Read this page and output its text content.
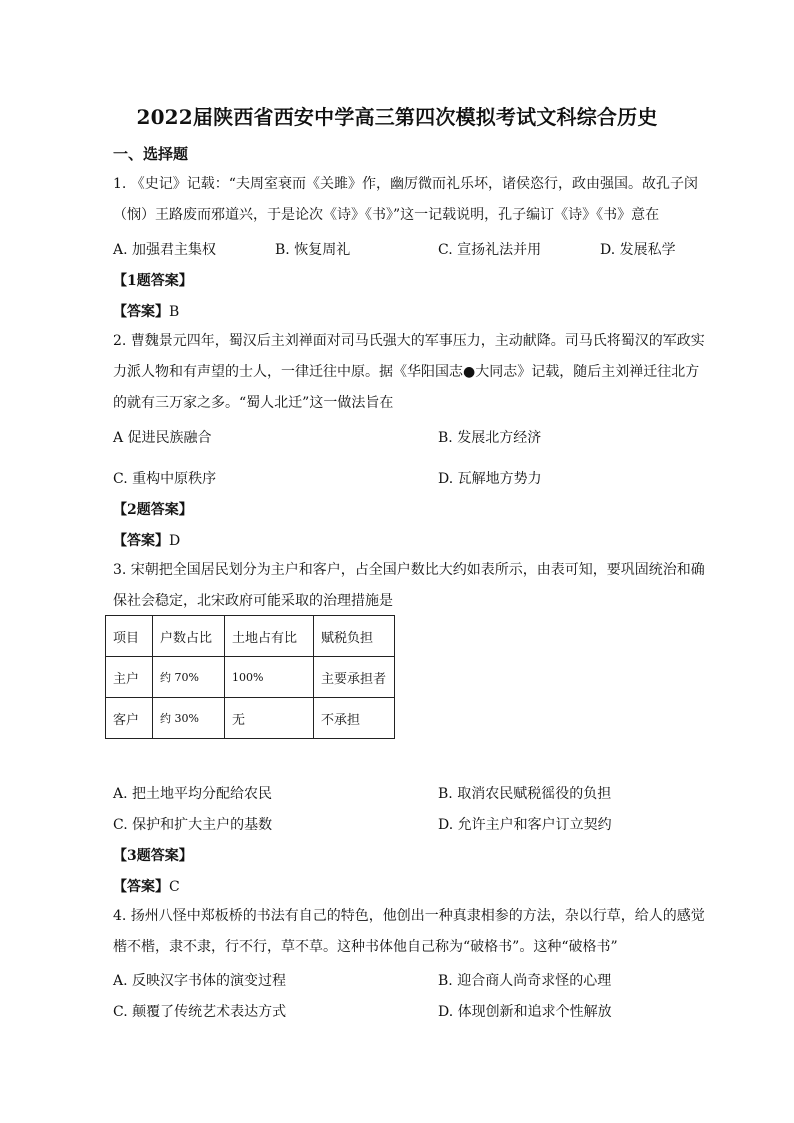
2022届陕西省西安中学高三第四次模拟考试文科综合历史
一、选择题
1. 《史记》记载：“夫周室衰而《关雎》作，幽厉微而礼乐坏，诸侯恣行，政由强国。故孔子闵
（悯）王路废而邪道兴，于是论次《诗》《书》”这一记载说明，孔子编订《诗》《书》意在
A. 加强君主集权	B. 恢复周礼	C. 宣扬礼法并用	D. 发展私学
【1题答案】
【答案】B
2. 曹魏景元四年，蜀汉后主刘禅面对司马氏强大的军事压力，主动献降。司马氏将蜀汉的军政实
力派人物和有声望的士人，一律迁往中原。据《华阳国志●大同志》记载，随后主刘禅迁往北方
的就有三万家之多。“蜀人北迁”这一做法旨在
A 促进民族融合	B. 发展北方经济
C. 重构中原秩序	D. 瓦解地方势力
【2题答案】
【答案】D
3. 宋朝把全国居民划分为主户和客户，占全国户数比大约如表所示，由表可知，要巩固统治和确
保社会稳定，北宋政府可能采取的治理措施是
项目	户数占比	土地占有比	赋税负担
主户	约 70%	100%	主要承担者
客户	约 30%	无	不承担
A. 把土地平均分配给农民	B. 取消农民赋税徭役的负担
C. 保护和扩大主户的基数	D. 允许主户和客户订立契约
【3题答案】
【答案】C
4. 扬州八怪中郑板桥的书法有自己的特色，他创出一种真隶相参的方法，杂以行草，给人的感觉
楷不楷，隶不隶，行不行，草不草。这种书体他自己称为“破格书”。这种“破格书”
A. 反映汉字书体的演变过程	B. 迎合商人尚奇求怪的心理
C. 颠覆了传统艺术表达方式	D. 体现创新和追求个性解放
